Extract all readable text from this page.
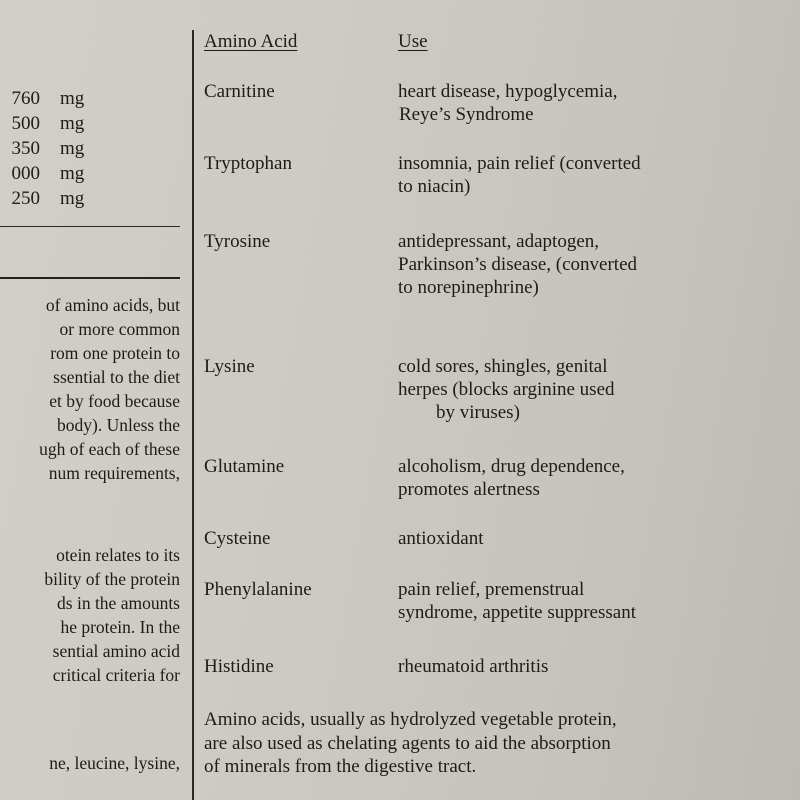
760 mg
500 mg
350 mg
000 mg
250 mg
of amino acids, but
or more common
rom one protein to
ssential to the diet
et by food because
body). Unless the
ugh of each of these
num requirements,
otein relates to its
bility of the protein
ds in the amounts
he protein. In the
sential amino acid
critical criteria for
ne, leucine, lysine,
Amino Acid	Use
Carnitine	heart disease, hypoglycemia,
Reye’s Syndrome
Tryptophan	insomnia, pain relief (converted
to niacin)
Tyrosine	antidepressant, adaptogen,
Parkinson’s disease, (converted
to norepinephrine)
Lysine	cold sores, shingles, genital
herpes (blocks arginine used
by viruses)
Glutamine	alcoholism, drug dependence,
promotes alertness
Cysteine	antioxidant
Phenylalanine	pain relief, premenstrual
syndrome, appetite suppressant
Histidine	rheumatoid arthritis
Amino acids, usually as hydrolyzed vegetable protein,
are also used as chelating agents to aid the absorption
of minerals from the digestive tract.
